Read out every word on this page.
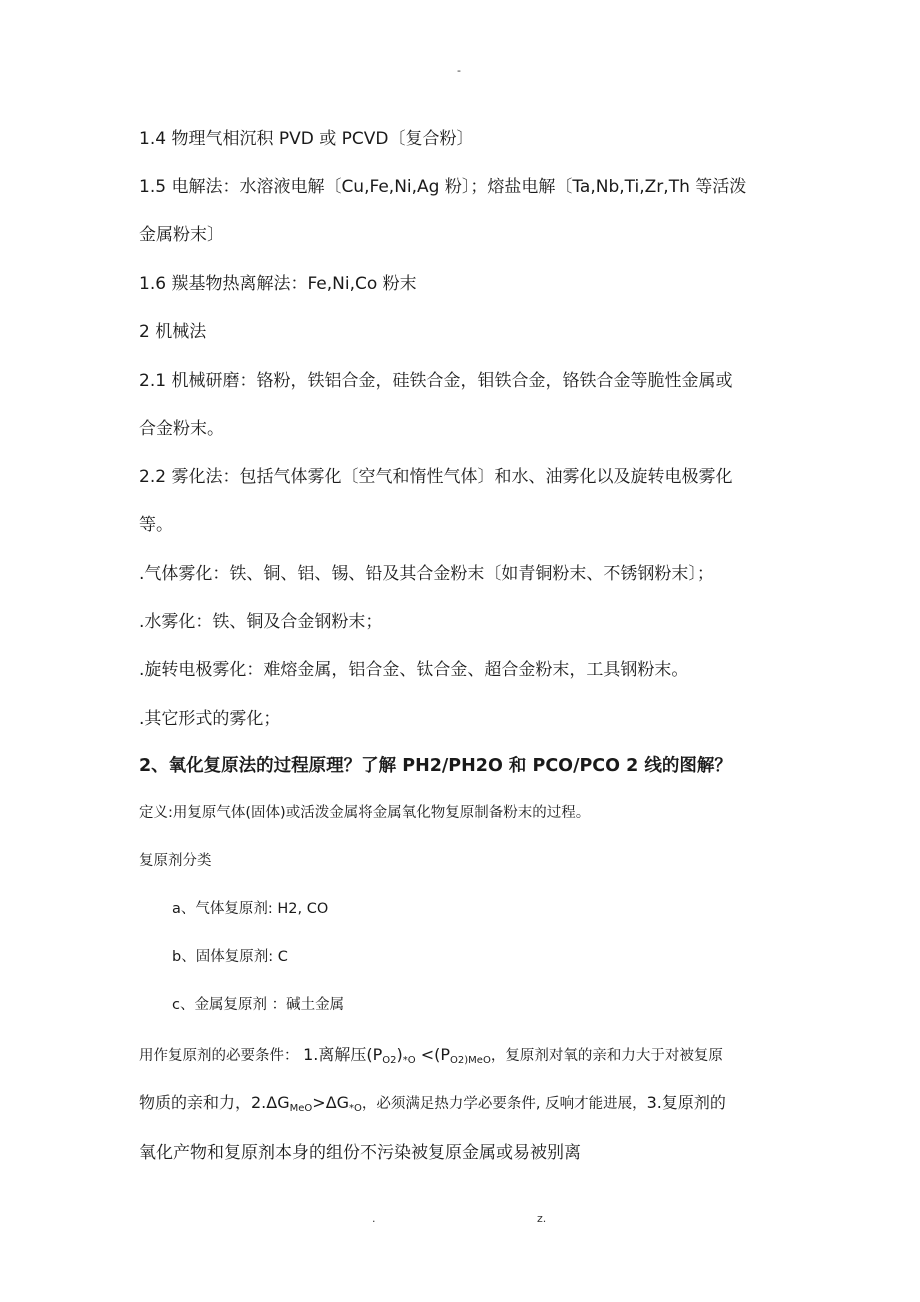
-
1.4 物理气相沉积 PVD 或 PCVD〔复合粉〕
1.5 电解法：水溶液电解〔Cu,Fe,Ni,Ag 粉〕；熔盐电解〔Ta,Nb,Ti,Zr,Th 等活泼
金属粉末〕
1.6 羰基物热离解法：Fe,Ni,Co 粉末
2 机械法
2.1 机械研磨：铬粉，铁铝合金，硅铁合金，钼铁合金，铬铁合金等脆性金属或
合金粉末。
2.2 雾化法：包括气体雾化〔空气和惰性气体〕和水、油雾化以及旋转电极雾化
等。
.气体雾化：铁、铜、铝、锡、铅及其合金粉末〔如青铜粉末、不锈钢粉末〕；
.水雾化：铁、铜及合金钢粉末；
.旋转电极雾化：难熔金属，铝合金、钛合金、超合金粉末，工具钢粉末。
.其它形式的雾化；
2、氧化复原法的过程原理？了解 PH2/PH2O 和 PCO/PCO 2 线的图解？
定义:用复原气体(固体)或活泼金属将金属氧化物复原制备粉末的过程。
复原剂分类
a、气体复原剂: H2, CO
b、固体复原剂: C
c、金属复原剂 ：碱土金属
用作复原剂的必要条件： 1.离解压$(P_{O2})_{*O} <(P_{O2)MeO}$，复原剂对氧的亲和力大于对被复原
物质的亲和力，$2.\Delta G_{MeO}>\Delta G_{*O}$，必须满足热力学必要条件, 反响才能进展，3.复原剂的
氧化产物和复原剂本身的组份不污染被复原金属或易被别离
.	z.
